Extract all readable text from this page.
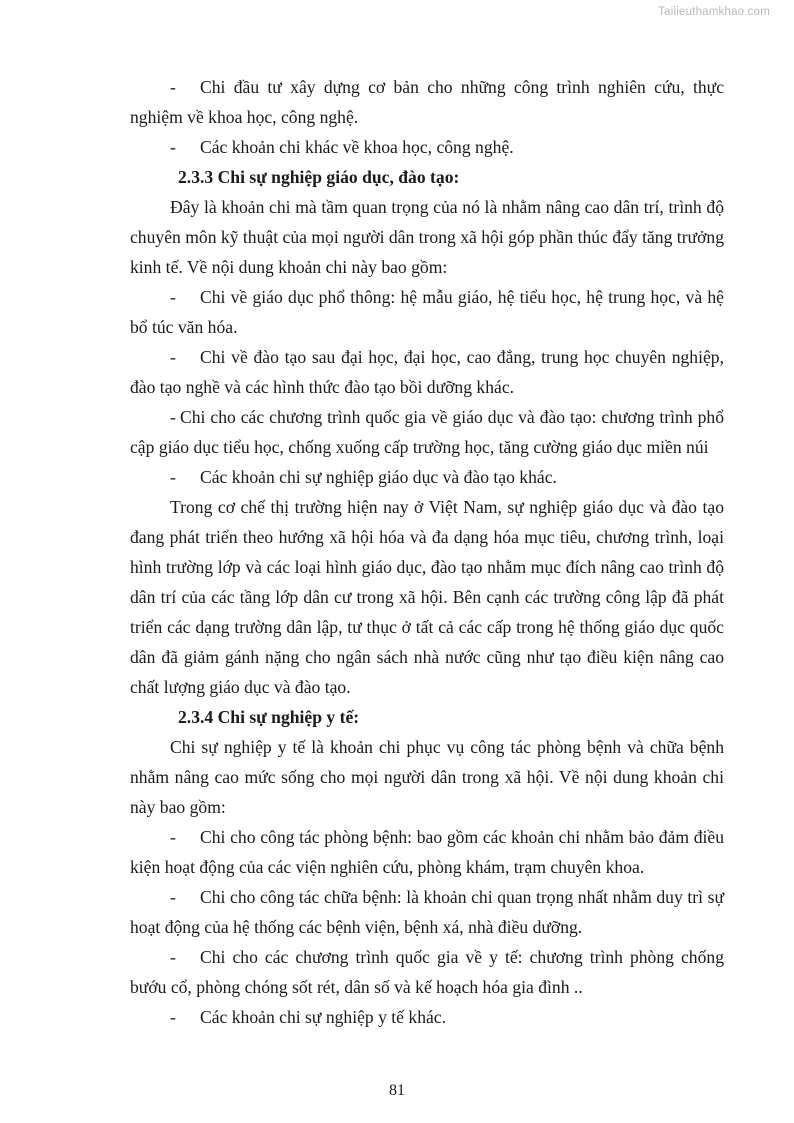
Tailieuthamkhao.com

- Chi đầu tư xây dựng cơ bản cho những công trình nghiên cứu, thực nghiệm về khoa học, công nghệ.

- Các khoản chi khác về khoa học, công nghệ.

2.3.3 Chi sự nghiệp giáo dục, đào tạo:

Đây là khoản chi mà tầm quan trọng của nó là nhằm nâng cao dân trí, trình độ chuyên môn kỹ thuật của mọi người dân trong xã hội góp phần thúc đẩy tăng trưởng kinh tế. Về nội dung khoản chi này bao gồm:

- Chi về giáo dục phổ thông: hệ mẫu giáo, hệ tiểu học, hệ trung học, và hệ bổ túc văn hóa.

- Chi về đào tạo sau đại học, đại học, cao đẳng, trung học chuyên nghiệp, đào tạo nghề và các hình thức đào tạo bồi dưỡng khác.

- Chi cho các chương trình quốc gia về giáo dục và đào tạo: chương trình phổ cập giáo dục tiểu học, chống xuống cấp trường học, tăng cường giáo dục miền núi

- Các khoản chi sự nghiệp giáo dục và đào tạo khác.

Trong cơ chế thị trường hiện nay ở Việt Nam, sự nghiệp giáo dục và đào tạo đang phát triển theo hướng xã hội hóa và đa dạng hóa mục tiêu, chương trình, loại hình trường lớp và các loại hình giáo dục, đào tạo nhằm mục đích nâng cao trình độ dân trí của các tầng lớp dân cư trong xã hội. Bên cạnh các trường công lập đã phát triển các dạng trường dân lập, tư thục ở tất cả các cấp trong hệ thống giáo dục quốc dân đã giảm gánh nặng cho ngân sách nhà nước cũng như tạo điều kiện nâng cao chất lượng giáo dục và đào tạo.

2.3.4 Chi sự nghiệp y tế:

Chi sự nghiệp y tế là khoản chi phục vụ công tác phòng bệnh và chữa bệnh nhằm nâng cao mức sống cho mọi người dân trong xã hội. Về nội dung khoản chi này bao gồm:

- Chi cho công tác phòng bệnh: bao gồm các khoản chi nhằm bảo đảm điều kiện hoạt động của các viện nghiên cứu, phòng khám, trạm chuyên khoa.

- Chi cho công tác chữa bệnh: là khoản chi quan trọng nhất nhằm duy trì sự hoạt động của hệ thống các bệnh viện, bệnh xá, nhà điều dưỡng.

- Chi cho các chương trình quốc gia về y tế: chương trình phòng chống bướu cổ, phòng chóng sốt rét, dân số và kế hoạch hóa gia đình ..

- Các khoản chi sự nghiệp y tế khác.

81
